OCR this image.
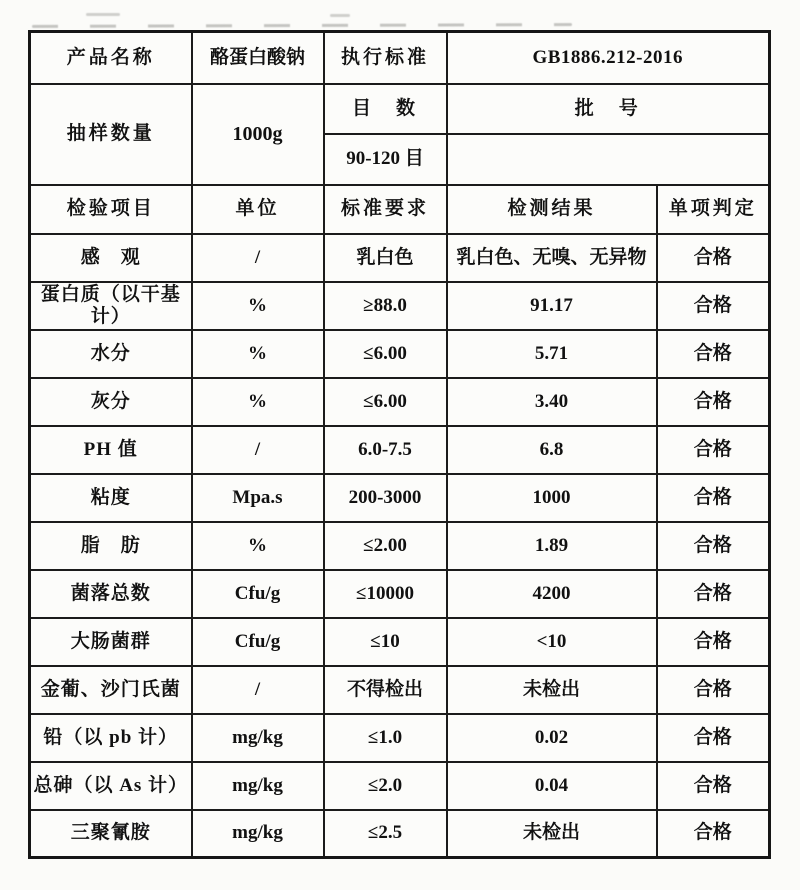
产品名称	酪蛋白酸钠	执行标准	GB1886.212-2016	
抽样数量	1000g	目　数	批　号	
		90-120 目		
检验项目	单位	标准要求	检测结果	单项判定
感　观	/	乳白色	乳白色、无嗅、无异物	合格
蛋白质（以干基计）	%	≥88.0	91.17	合格
水分	%	≤6.00	5.71	合格
灰分	%	≤6.00	3.40	合格
PH 值	/	6.0-7.5	6.8	合格
粘度	Mpa.s	200-3000	1000	合格
脂　肪	%	≤2.00	1.89	合格
菌落总数	Cfu/g	≤10000	4200	合格
大肠菌群	Cfu/g	≤10	<10	合格
金葡、沙门氏菌	/	不得检出	未检出	合格
铅（以 pb 计）	mg/kg	≤1.0	0.02	合格
总砷（以 As 计）	mg/kg	≤2.0	0.04	合格
三聚氰胺	mg/kg	≤2.5	未检出	合格
